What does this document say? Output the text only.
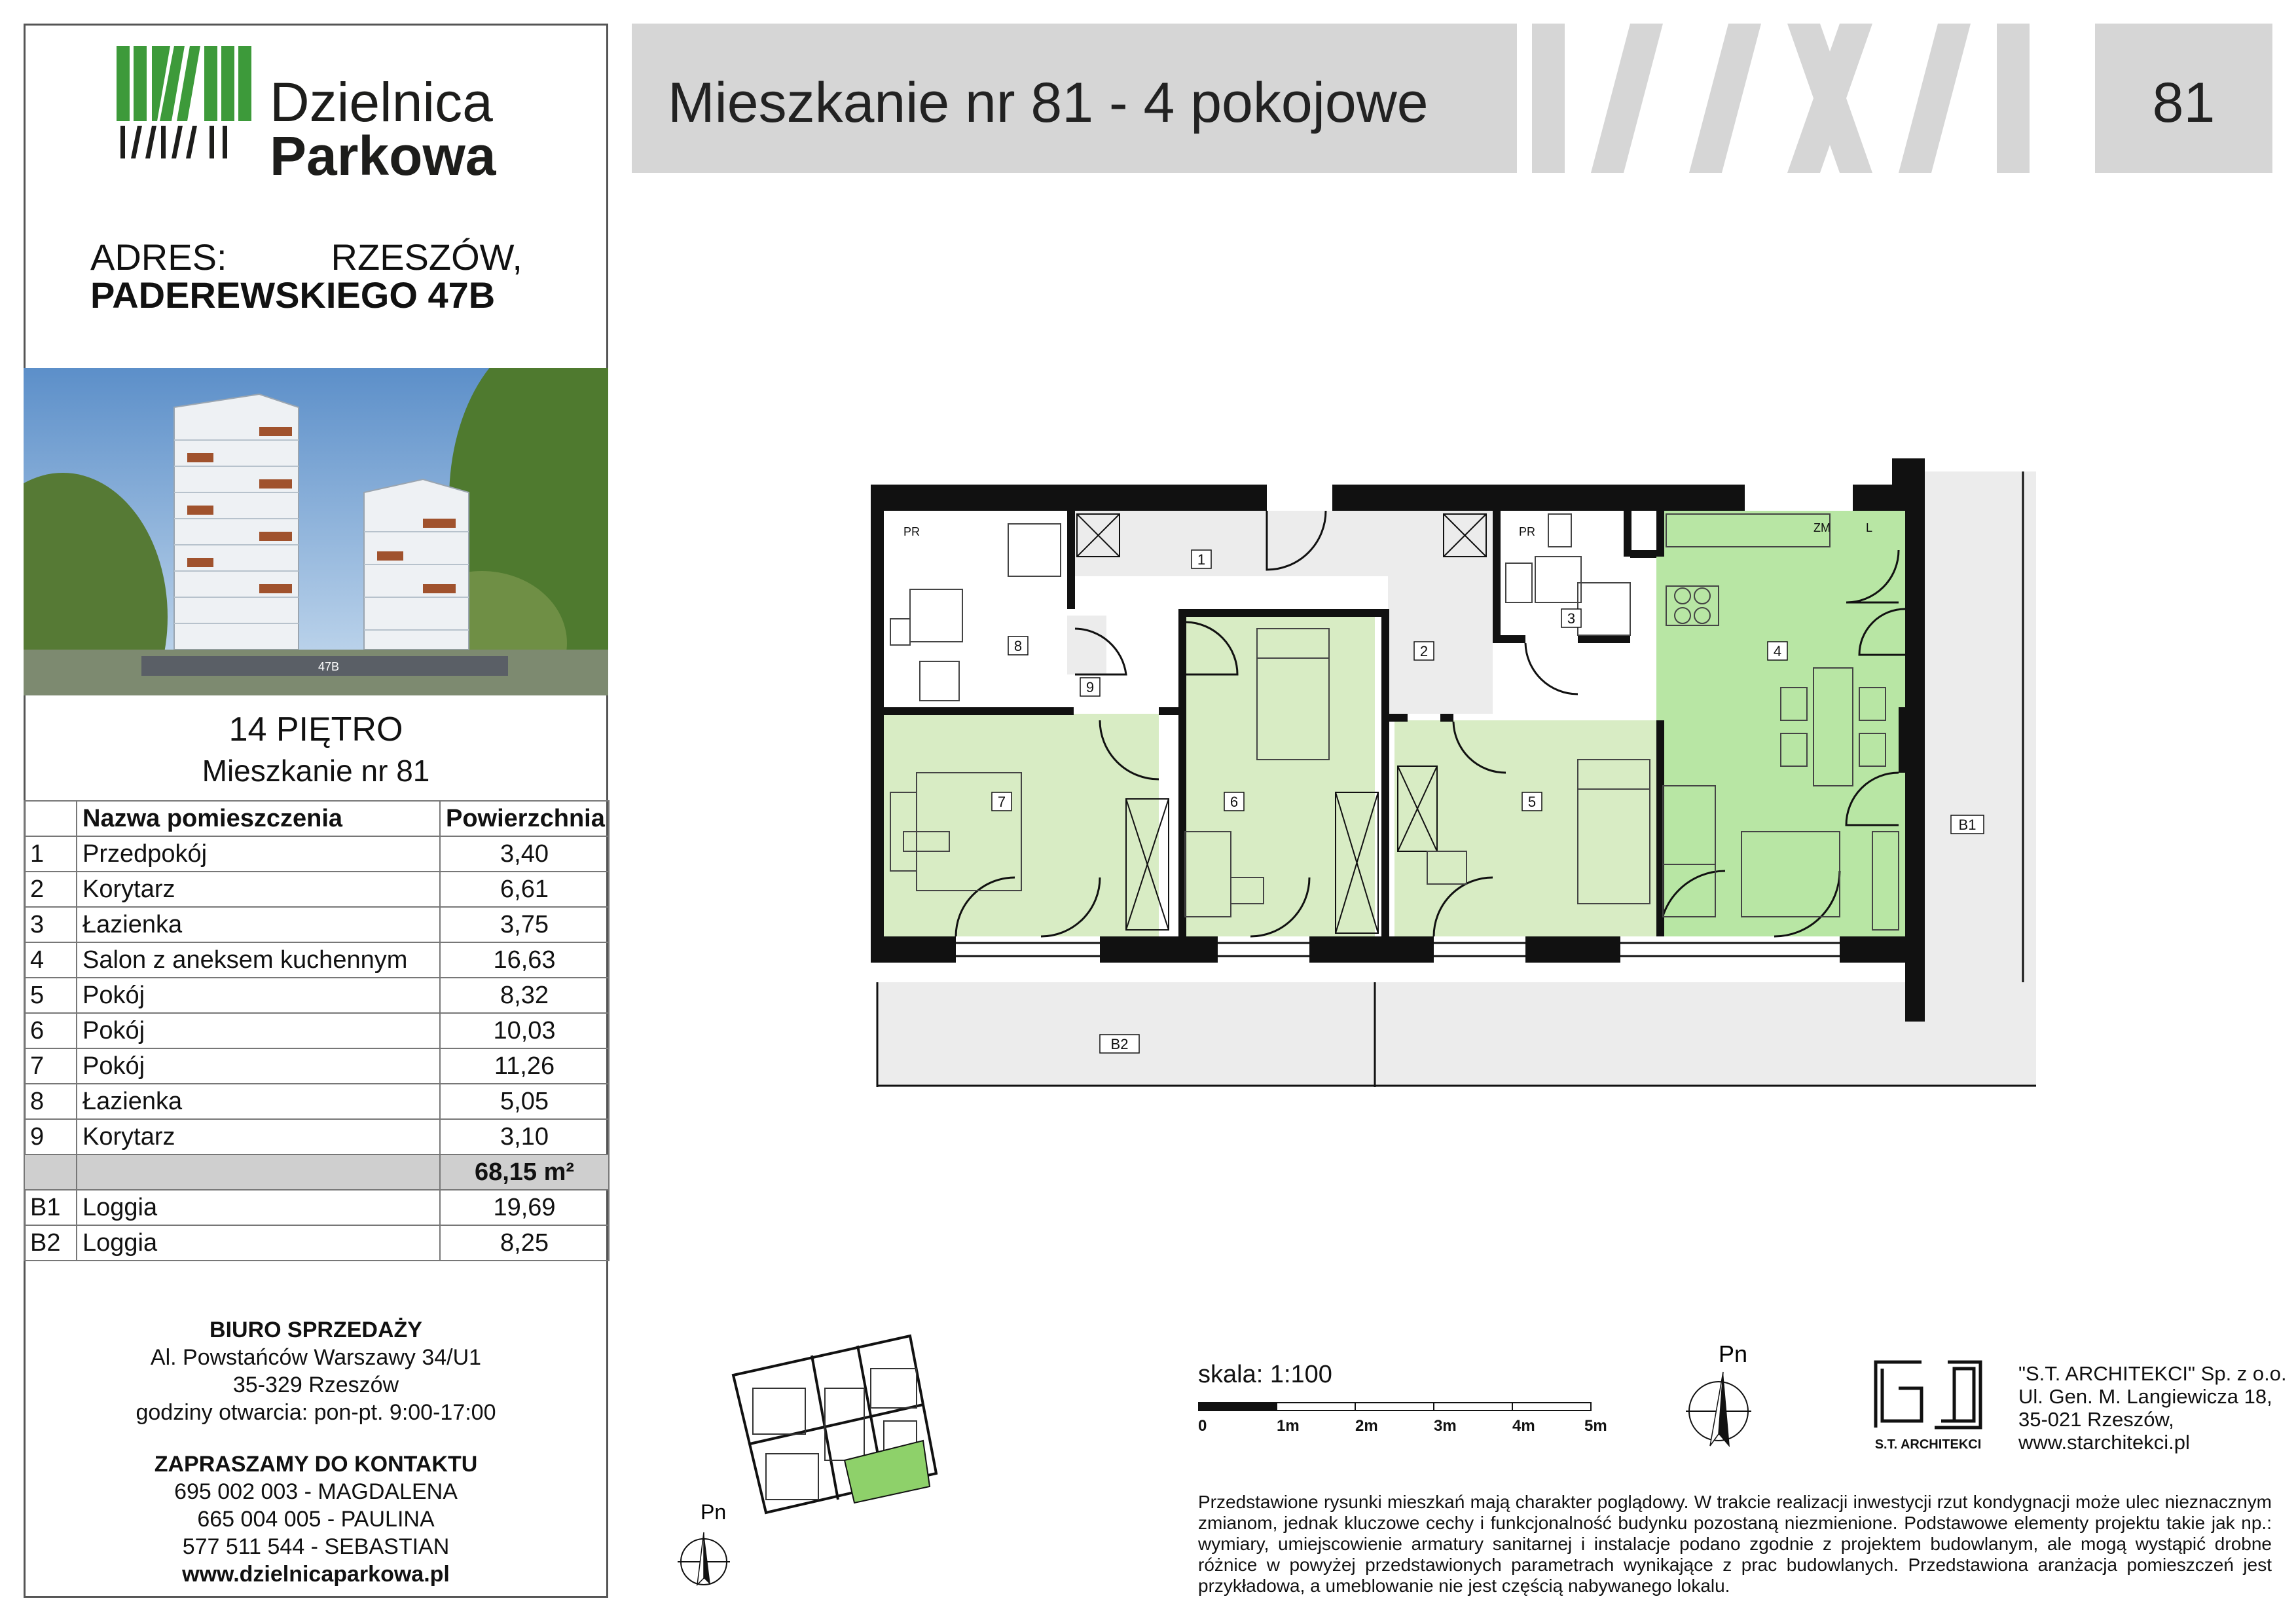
Dzielnica
Parkowa
ADRES:	RZESZÓW,
PADEREWSKIEGO 47B
47B
14 PIĘTRO
Mieszkanie nr 81
	Nazwa pomieszczenia	Powierzchnia
1	Przedpokój	3,40
2	Korytarz	6,61
3	Łazienka	3,75
4	Salon z aneksem kuchennym	16,63
5	Pokój	8,32
6	Pokój	10,03
7	Pokój	11,26
8	Łazienka	5,05
9	Korytarz	3,10
		68,15 m²
B1	Loggia	19,69
B2	Loggia	8,25
BIURO SPRZEDAŻY
Al. Powstańców Warszawy 34/U1
35-329 Rzeszów
godziny otwarcia: pon-pt. 9:00-17:00
ZAPRASZAMY DO KONTAKTU
695 002 003 - MAGDALENA
665 004 005 - PAULINA
577 511 544 - SEBASTIAN
www.dzielnicaparkowa.pl
Mieszkanie nr 81 - 4 pokojowe	81
1
2
3
4
5
6
7
8
9
B1
B2
PR	PR	ZM	L
Pn
skala: 1:100
0	1m	2m	3m	4m	5m
Pn
S.T. ARCHITEKCI
"S.T. ARCHITEKCI" Sp. z o.o.
Ul. Gen. M. Langiewicza 18,
35-021 Rzeszów,
www.starchitekci.pl
Przedstawione rysunki mieszkań mają charakter poglądowy. W trakcie realizacji inwestycji rzut kondygnacji może ulec nieznacznym zmianom, jednak kluczowe cechy i funkcjonalność budynku pozostaną niezmienione. Podstawowe elementy projektu takie jak np.: wymiary, umiejscowienie armatury sanitarnej i instalacje podano zgodnie z projektem budowlanym, ale mogą wystąpić drobne różnice w powyżej przedstawionych parametrach wynikające z prac budowlanych. Przedstawiona aranżacja pomieszczeń jest przykładowa, a umeblowanie nie jest częścią nabywanego lokalu.
